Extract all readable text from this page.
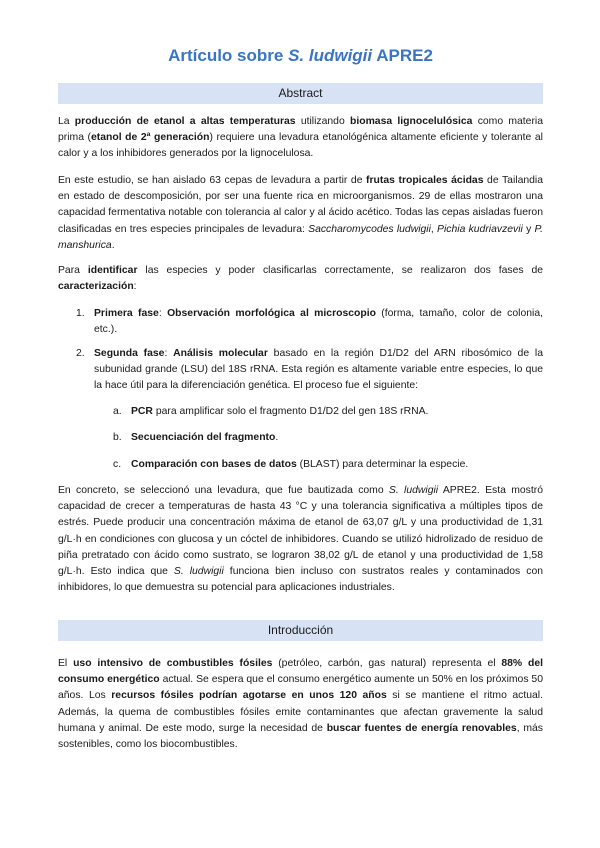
Artículo sobre S. ludwigii APRE2
Abstract

La producción de etanol a altas temperaturas utilizando biomasa lignocelulósica como materia prima (etanol de 2ª generación) requiere una levadura etanológénica altamente eficiente y tolerante al calor y a los inhibidores generados por la lignocelulosa.

En este estudio, se han aislado 63 cepas de levadura a partir de frutas tropicales ácidas de Tailandia en estado de descomposición, por ser una fuente rica en microorganismos. 29 de ellas mostraron una capacidad fermentativa notable con tolerancia al calor y al ácido acético. Todas las cepas aisladas fueron clasificadas en tres especies principales de levadura: Saccharomycodes ludwigii, Pichia kudriavzevii y P. manshurica.

Para identificar las especies y poder clasificarlas correctamente, se realizaron dos fases de caracterización:

1. Primera fase: Observación morfológica al microscopio (forma, tamaño, color de colonia, etc.).

2. Segunda fase: Análisis molecular basado en la región D1/D2 del ARN ribosómico de la subunidad grande (LSU) del 18S rRNA. Esta región es altamente variable entre especies, lo que la hace útil para la diferenciación genética. El proceso fue el siguiente:

a. PCR para amplificar solo el fragmento D1/D2 del gen 18S rRNA.

b. Secuenciación del fragmento.

c. Comparación con bases de datos (BLAST) para determinar la especie.

En concreto, se seleccionó una levadura, que fue bautizada como S. ludwigii APRE2. Esta mostró capacidad de crecer a temperaturas de hasta 43 °C y una tolerancia significativa a múltiples tipos de estrés. Puede producir una concentración máxima de etanol de 63,07 g/L y una productividad de 1,31 g/L·h en condiciones con glucosa y un cóctel de inhibidores. Cuando se utilizó hidrolizado de residuo de piña pretratado con ácido como sustrato, se lograron 38,02 g/L de etanol y una productividad de 1,58 g/L·h. Esto indica que S. ludwigii funciona bien incluso con sustratos reales y contaminados con inhibidores, lo que demuestra su potencial para aplicaciones industriales.

Introducción

El uso intensivo de combustibles fósiles (petróleo, carbón, gas natural) representa el 88% del consumo energético actual. Se espera que el consumo energético aumente un 50% en los próximos 50 años. Los recursos fósiles podrían agotarse en unos 120 años si se mantiene el ritmo actual. Además, la quema de combustibles fósiles emite contaminantes que afectan gravemente la salud humana y animal. De este modo, surge la necesidad de buscar fuentes de energía renovables, más sostenibles, como los biocombustibles.
